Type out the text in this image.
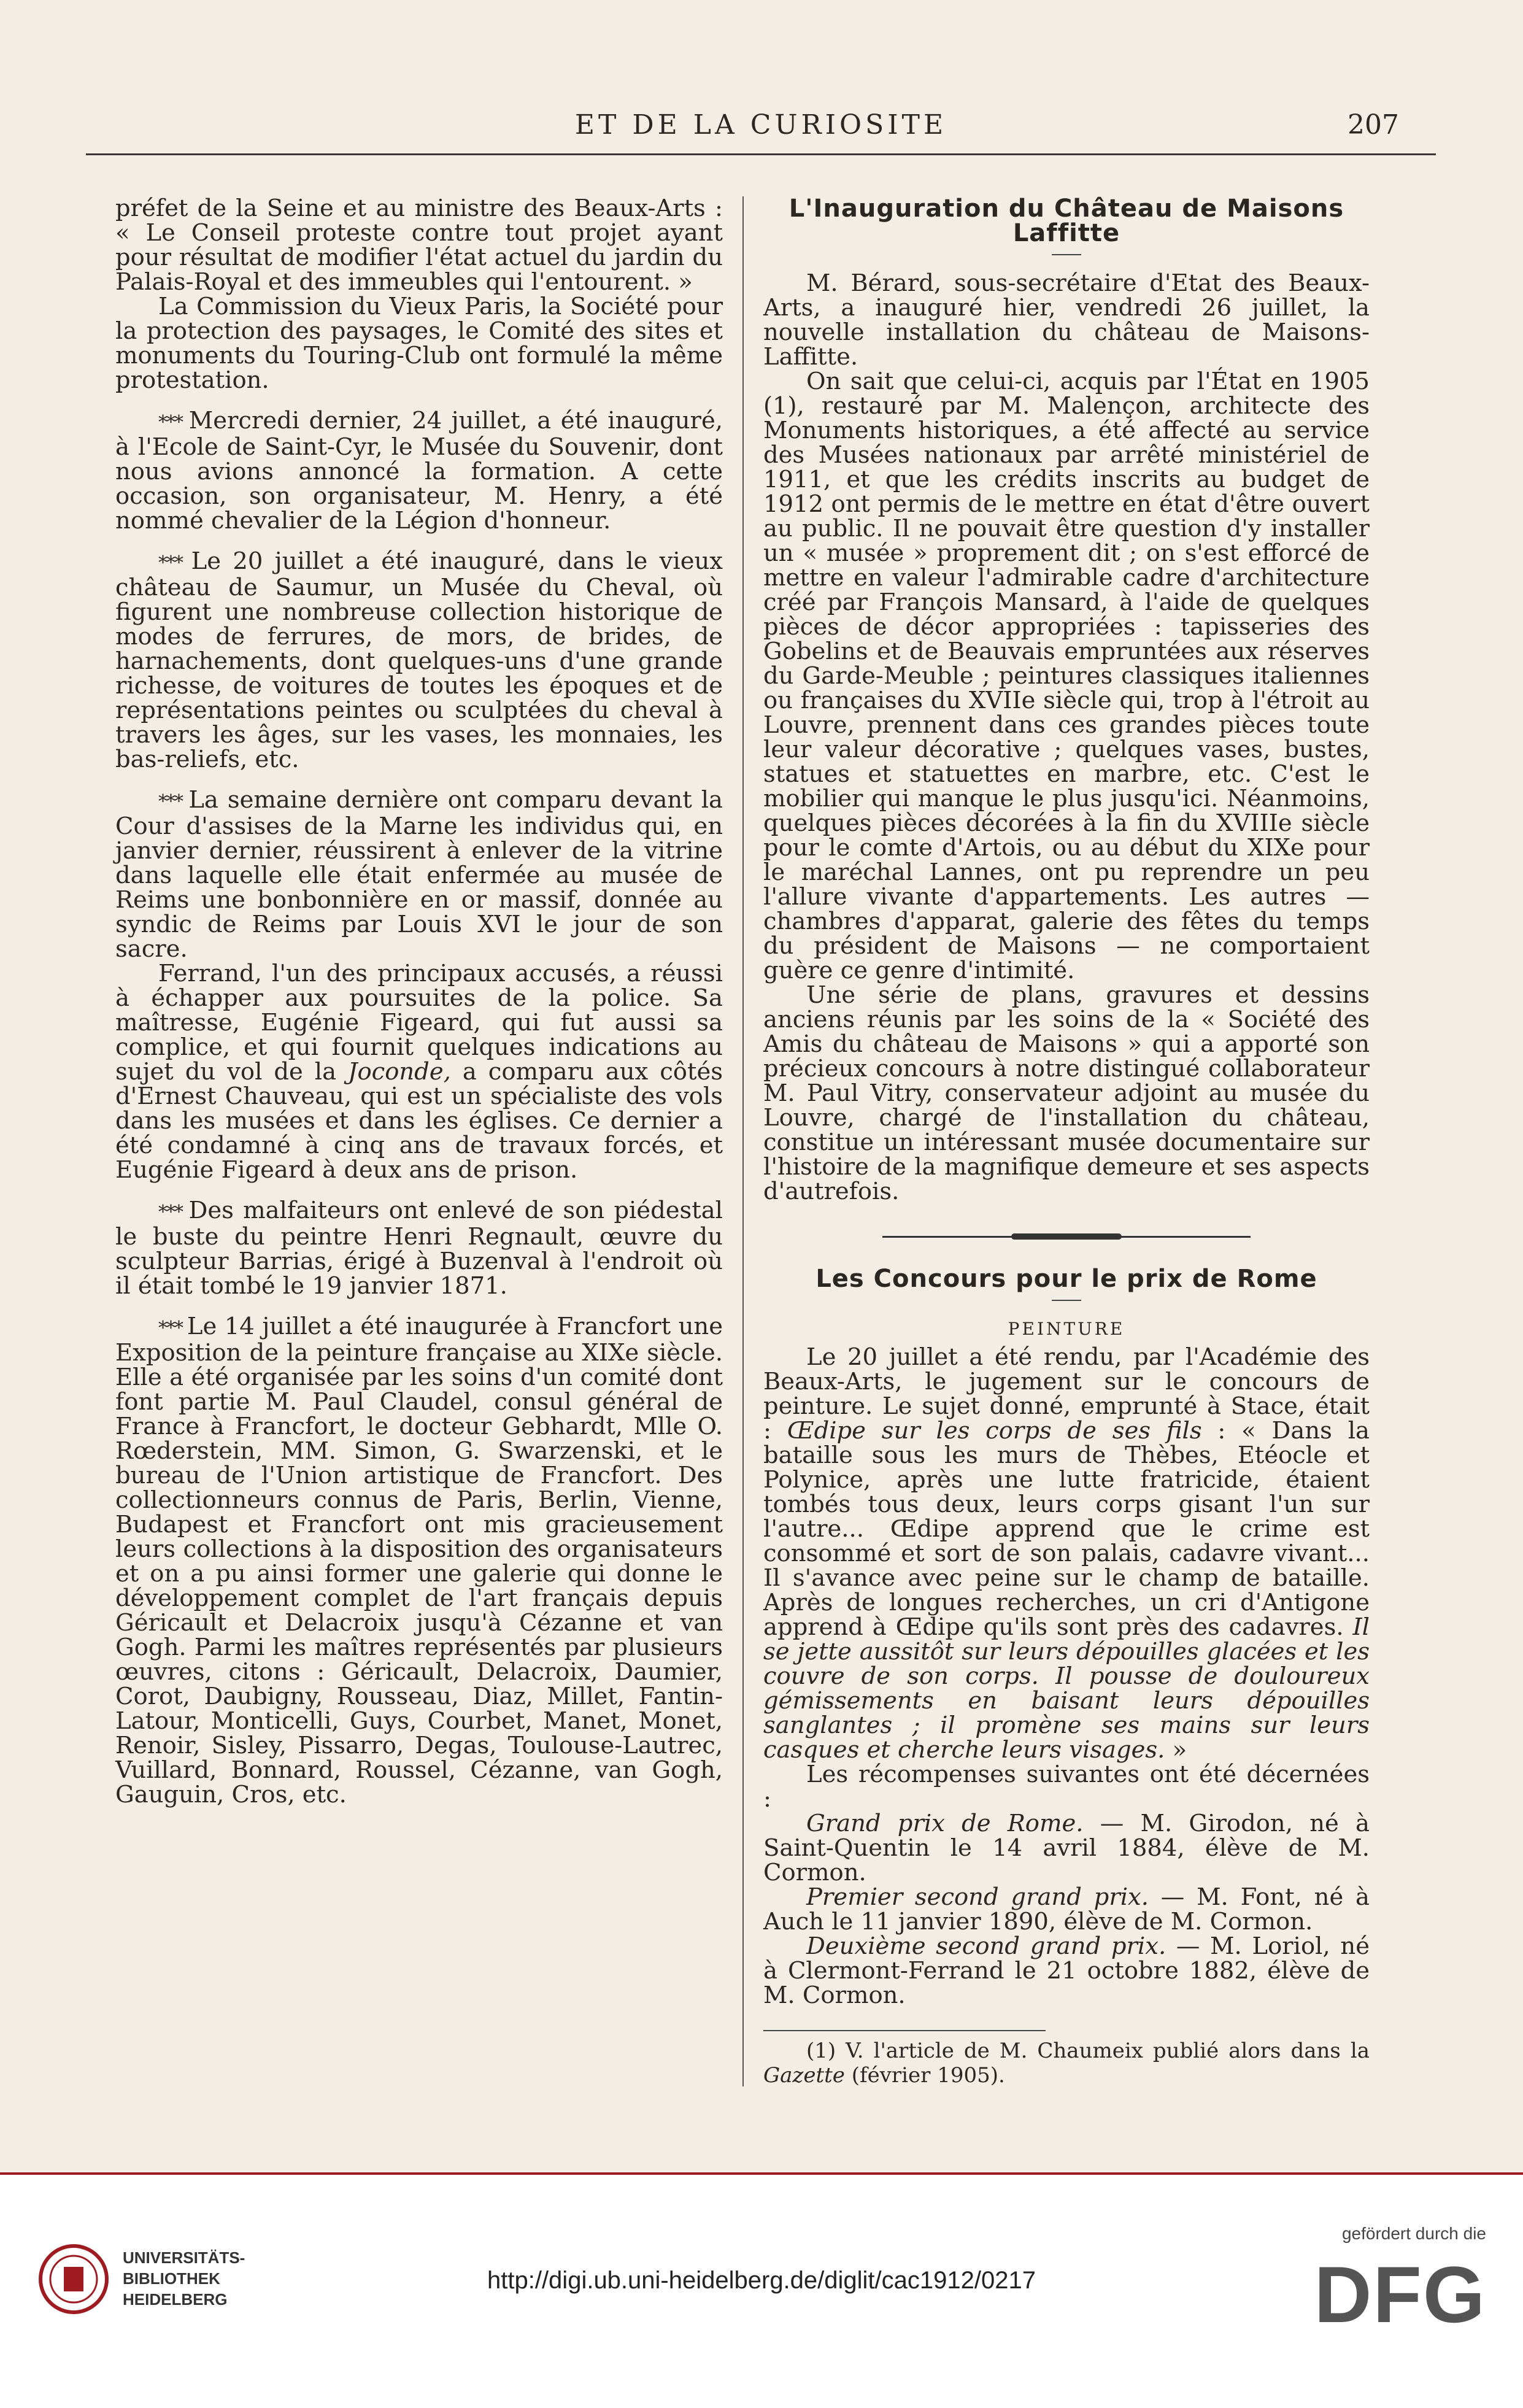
ET DE LA CURIOSITE	207

préfet de la Seine et au ministre des Beaux-Arts : « Le Conseil proteste contre tout projet ayant pour résultat de modifier l'état actuel du jardin du Palais-Royal et des immeubles qui l'entourent. »

La Commission du Vieux Paris, la Société pour la protection des paysages, le Comité des sites et monuments du Touring-Club ont formulé la même protestation.

*** Mercredi dernier, 24 juillet, a été inauguré, à l'Ecole de Saint-Cyr, le Musée du Souvenir, dont nous avions annoncé la formation. A cette occasion, son organisateur, M. Henry, a été nommé chevalier de la Légion d'honneur.

*** Le 20 juillet a été inauguré, dans le vieux château de Saumur, un Musée du Cheval, où figurent une nombreuse collection historique de modes de ferrures, de mors, de brides, de harnachements, dont quelques-uns d'une grande richesse, de voitures de toutes les époques et de représentations peintes ou sculptées du cheval à travers les âges, sur les vases, les monnaies, les bas-reliefs, etc.

*** La semaine dernière ont comparu devant la Cour d'assises de la Marne les individus qui, en janvier dernier, réussirent à enlever de la vitrine dans laquelle elle était enfermée au musée de Reims une bonbonnière en or massif, donnée au syndic de Reims par Louis XVI le jour de son sacre.

Ferrand, l'un des principaux accusés, a réussi à échapper aux poursuites de la police. Sa maîtresse, Eugénie Figeard, qui fut aussi sa complice, et qui fournit quelques indications au sujet du vol de la Joconde, a comparu aux côtés d'Ernest Chauveau, qui est un spécialiste des vols dans les musées et dans les églises. Ce dernier a été condamné à cinq ans de travaux forcés, et Eugénie Figeard à deux ans de prison.

*** Des malfaiteurs ont enlevé de son piédestal le buste du peintre Henri Regnault, œuvre du sculpteur Barrias, érigé à Buzenval à l'endroit où il était tombé le 19 janvier 1871.

*** Le 14 juillet a été inaugurée à Francfort une Exposition de la peinture française au XIXe siècle. Elle a été organisée par les soins d'un comité dont font partie M. Paul Claudel, consul général de France à Francfort, le docteur Gebhardt, Mlle O. Rœderstein, MM. Simon, G. Swarzenski, et le bureau de l'Union artistique de Francfort. Des collectionneurs connus de Paris, Berlin, Vienne, Budapest et Francfort ont mis gracieusement leurs collections à la disposition des organisateurs et on a pu ainsi former une galerie qui donne le développement complet de l'art français depuis Géricault et Delacroix jusqu'à Cézanne et van Gogh. Parmi les maîtres représentés par plusieurs œuvres, citons : Géricault, Delacroix, Daumier, Corot, Daubigny, Rousseau, Diaz, Millet, Fantin-Latour, Monticelli, Guys, Courbet, Manet, Monet, Renoir, Sisley, Pissarro, Degas, Toulouse-Lautrec, Vuillard, Bonnard, Roussel, Cézanne, van Gogh, Gauguin, Cros, etc.

L'Inauguration du Château de Maisons Laffitte

M. Bérard, sous-secrétaire d'Etat des Beaux-Arts, a inauguré hier, vendredi 26 juillet, la nouvelle installation du château de Maisons-Laffitte.

On sait que celui-ci, acquis par l'État en 1905 (1), restauré par M. Malençon, architecte des Monuments historiques, a été affecté au service des Musées nationaux par arrêté ministériel de 1911, et que les crédits inscrits au budget de 1912 ont permis de le mettre en état d'être ouvert au public. Il ne pouvait être question d'y installer un « musée » proprement dit ; on s'est efforcé de mettre en valeur l'admirable cadre d'architecture créé par François Mansard, à l'aide de quelques pièces de décor appropriées : tapisseries des Gobelins et de Beauvais empruntées aux réserves du Garde-Meuble ; peintures classiques italiennes ou françaises du XVIIe siècle qui, trop à l'étroit au Louvre, prennent dans ces grandes pièces toute leur valeur décorative ; quelques vases, bustes, statues et statuettes en marbre, etc. C'est le mobilier qui manque le plus jusqu'ici. Néanmoins, quelques pièces décorées à la fin du XVIIIe siècle pour le comte d'Artois, ou au début du XIXe pour le maréchal Lannes, ont pu reprendre un peu l'allure vivante d'appartements. Les autres — chambres d'apparat, galerie des fêtes du temps du président de Maisons — ne comportaient guère ce genre d'intimité.

Une série de plans, gravures et dessins anciens réunis par les soins de la « Société des Amis du château de Maisons » qui a apporté son précieux concours à notre distingué collaborateur M. Paul Vitry, conservateur adjoint au musée du Louvre, chargé de l'installation du château, constitue un intéressant musée documentaire sur l'histoire de la magnifique demeure et ses aspects d'autrefois.

Les Concours pour le prix de Rome
PEINTURE

Le 20 juillet a été rendu, par l'Académie des Beaux-Arts, le jugement sur le concours de peinture. Le sujet donné, emprunté à Stace, était : Œdipe sur les corps de ses fils : « Dans la bataille sous les murs de Thèbes, Etéocle et Polynice, après une lutte fratricide, étaient tombés tous deux, leurs corps gisant l'un sur l'autre... Œdipe apprend que le crime est consommé et sort de son palais, cadavre vivant... Il s'avance avec peine sur le champ de bataille. Après de longues recherches, un cri d'Antigone apprend à Œdipe qu'ils sont près des cadavres. Il se jette aussitôt sur leurs dépouilles glacées et les couvre de son corps. Il pousse de douloureux gémissements en baisant leurs dépouilles sanglantes ; il promène ses mains sur leurs casques et cherche leurs visages. »

Les récompenses suivantes ont été décernées :

Grand prix de Rome. — M. Girodon, né à Saint-Quentin le 14 avril 1884, élève de M. Cormon.

Premier second grand prix. — M. Font, né à Auch le 11 janvier 1890, élève de M. Cormon.

Deuxième second grand prix. — M. Loriol, né à Clermont-Ferrand le 21 octobre 1882, élève de M. Cormon.

(1) V. l'article de M. Chaumeix publié alors dans la Gazette (février 1905).

UNIVERSITÄTS-
BIBLIOTHEK
HEIDELBERG
http://digi.ub.uni-heidelberg.de/diglit/cac1912/0217
gefördert durch die
DFG
